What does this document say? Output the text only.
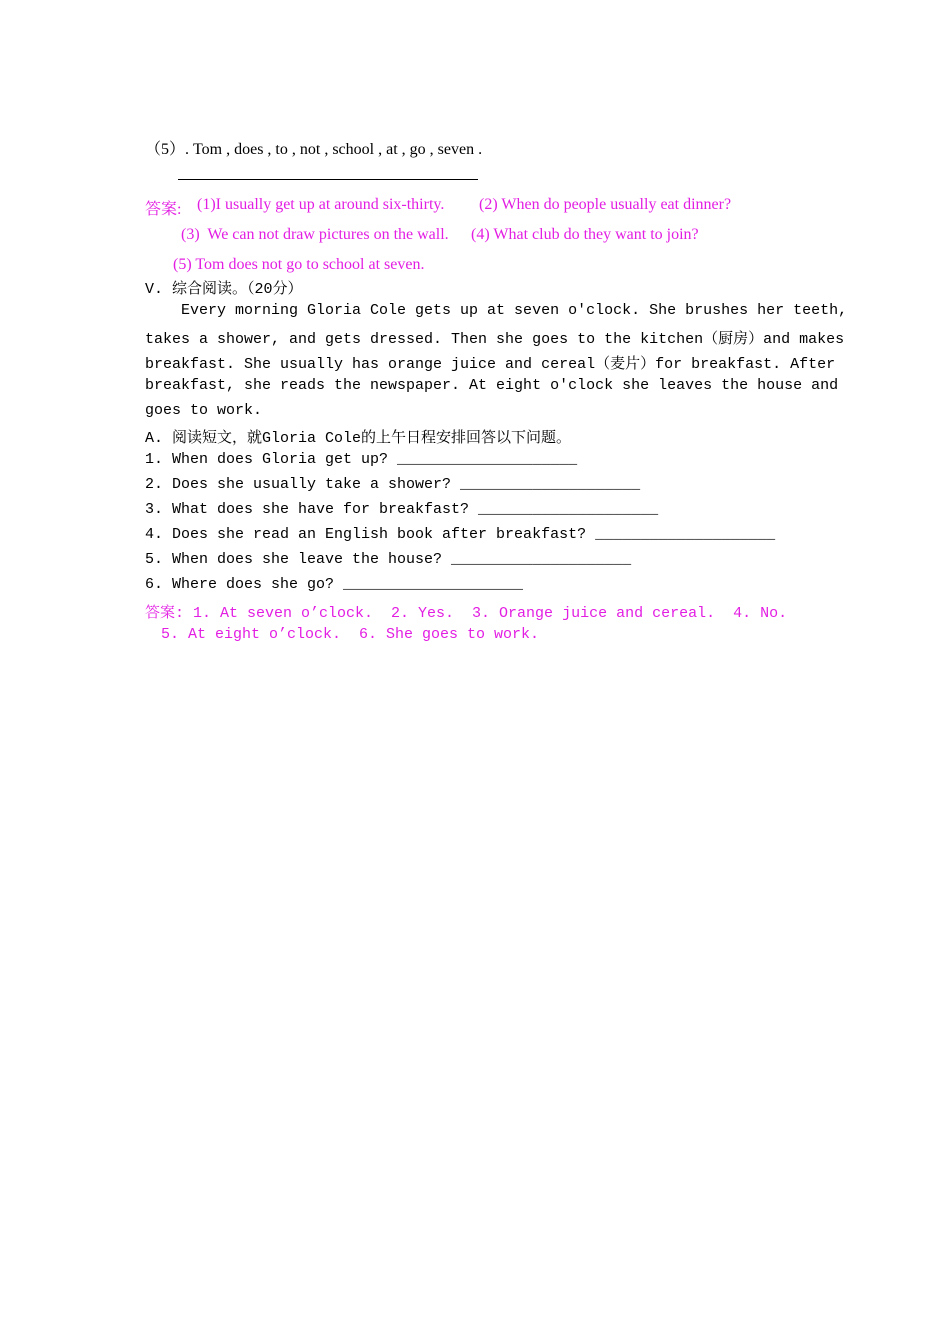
（5）. Tom , does , to , not , school , at , go , seven .
答案: (1)I usually get up at around six-thirty. (2) When do people usually eat dinner?
(3)  We can not draw pictures on the wall. (4) What club do they want to join?
(5) Tom does not go to school at seven.
V. 综合阅读。（20分）
Every morning Gloria Cole gets up at seven o'clock. She brushes her teeth,
takes a shower, and gets dressed. Then she goes to the kitchen（厨房）and makes
breakfast. She usually has orange juice and cereal（麦片）for breakfast. After
breakfast, she reads the newspaper. At eight o'clock she leaves the house and
goes to work.
A. 阅读短文，就Gloria Cole的上午日程安排回答以下问题。
1. When does Gloria get up? ____________________
2. Does she usually take a shower? ____________________
3. What does she have for breakfast? ____________________
4. Does she read an English book after breakfast? ____________________
5. When does she leave the house? ____________________
6. Where does she go? ____________________
答案: 1. At seven o’clock.  2. Yes.  3. Orange juice and cereal.  4. No.
5. At eight o’clock.  6. She goes to work.
